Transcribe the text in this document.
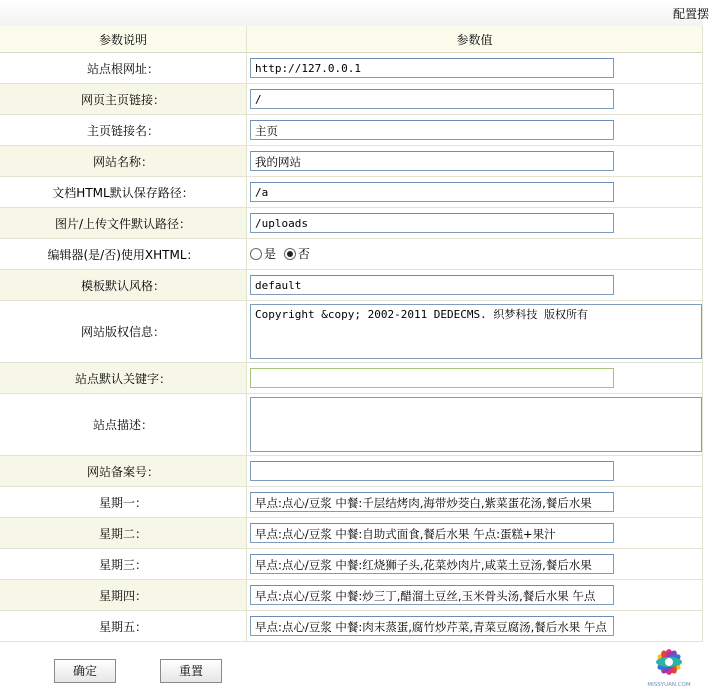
配置摆
参数说明	参数值
站点根网址：	http://127.0.0.1

网页主页链接：	/

主页链接名：	主页

网站名称：	我的网站

文档HTML默认保存路径：	/a

图片/上传文件默认路径：	/uploads

编辑器(是/否)使用XHTML：	是
否

模板默认风格：	default

网站版权信息：	Copyright &copy; 2002-2011 DEDECMS. 织梦科技 版权所有

站点默认关键字：	

站点描述：	

网站备案号：	

星期一：	早点:点心/豆浆 中餐:千层结烤肉,海带炒茭白,紫菜蛋花汤,餐后水果

星期二：	早点:点心/豆浆 中餐:自助式面食,餐后水果 午点:蛋糕+果汁

星期三：	早点:点心/豆浆 中餐:红烧狮子头,花菜炒肉片,咸菜土豆汤,餐后水果

星期四：	早点:点心/豆浆 中餐:炒三丁,醋溜土豆丝,玉米骨头汤,餐后水果 午点

星期五：	早点:点心/豆浆 中餐:肉末蒸蛋,腐竹炒芹菜,青菜豆腐汤,餐后水果 午点
确定	重置
MISSYUAN.COM
